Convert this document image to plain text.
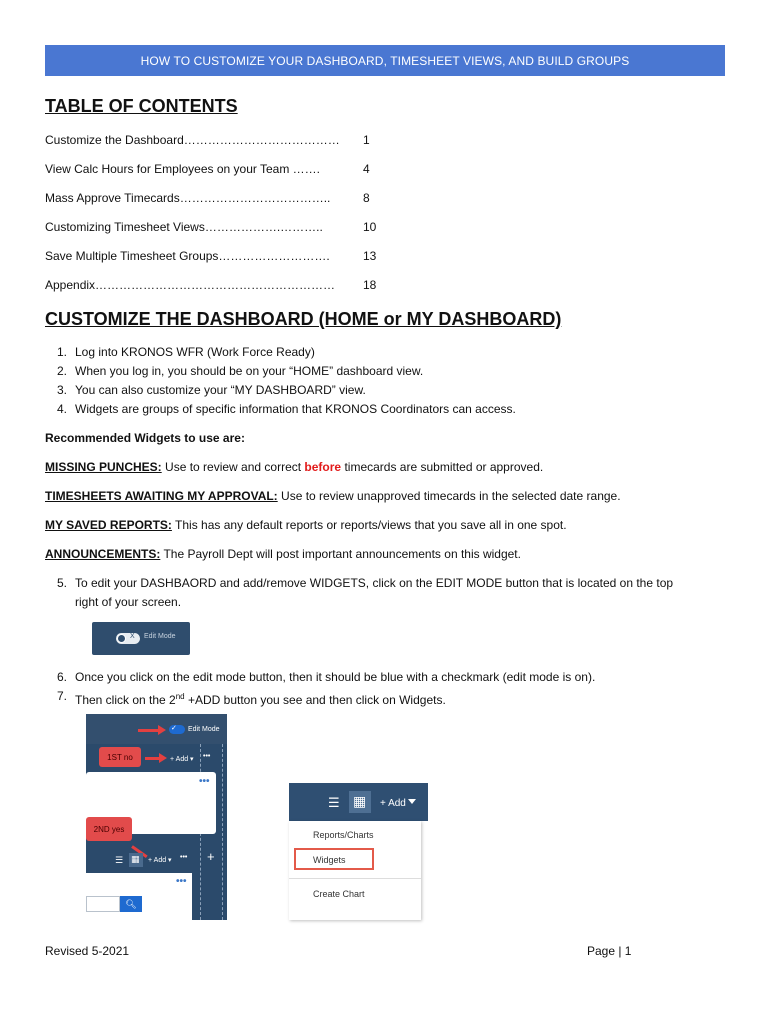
HOW TO CUSTOMIZE YOUR DASHBOARD, TIMESHEET VIEWS, AND BUILD GROUPS
TABLE OF CONTENTS
Customize the Dashboard………………………………… 1
View Calc Hours for Employees on your Team …….	4
Mass Approve Timecards………………………………..	8
Customizing Timesheet Views……………….………..	10
Save Multiple Timesheet Groups……………………….	13
Appendix…………………………………………………… 18
CUSTOMIZE THE DASHBOARD (HOME or MY DASHBOARD)
1. Log into KRONOS WFR (Work Force Ready)
2. When you log in, you should be on your “HOME” dashboard view.
3. You can also customize your “MY DASHBOARD” view.
4. Widgets are groups of specific information that KRONOS Coordinators can access.
Recommended Widgets to use are:
MISSING PUNCHES: Use to review and correct before timecards are submitted or approved.
TIMESHEETS AWAITING MY APPROVAL: Use to review unapproved timecards in the selected date range.
MY SAVED REPORTS: This has any default reports or reports/views that you save all in one spot.
ANNOUNCEMENTS: The Payroll Dept will post important announcements on this widget.
5. To edit your DASHBAORD and add/remove WIDGETS, click on the EDIT MODE button that is located on the top
right of your screen.
X Edit Mode
6. Once you click on the edit mode button, then it should be blue with a checkmark (edit mode is on).
7. Then click on the 2nd +ADD button you see and then click on Widgets.
✓ Edit Mode
1ST no	+ Add ▾ •••
•••
2ND yes
☰ ▦ + Add ▾ ••• +
•••
🔍︎
☰ ▦ + Add
Reports/Charts
Widgets
Create Chart
Revised 5-2021	Page | 1
